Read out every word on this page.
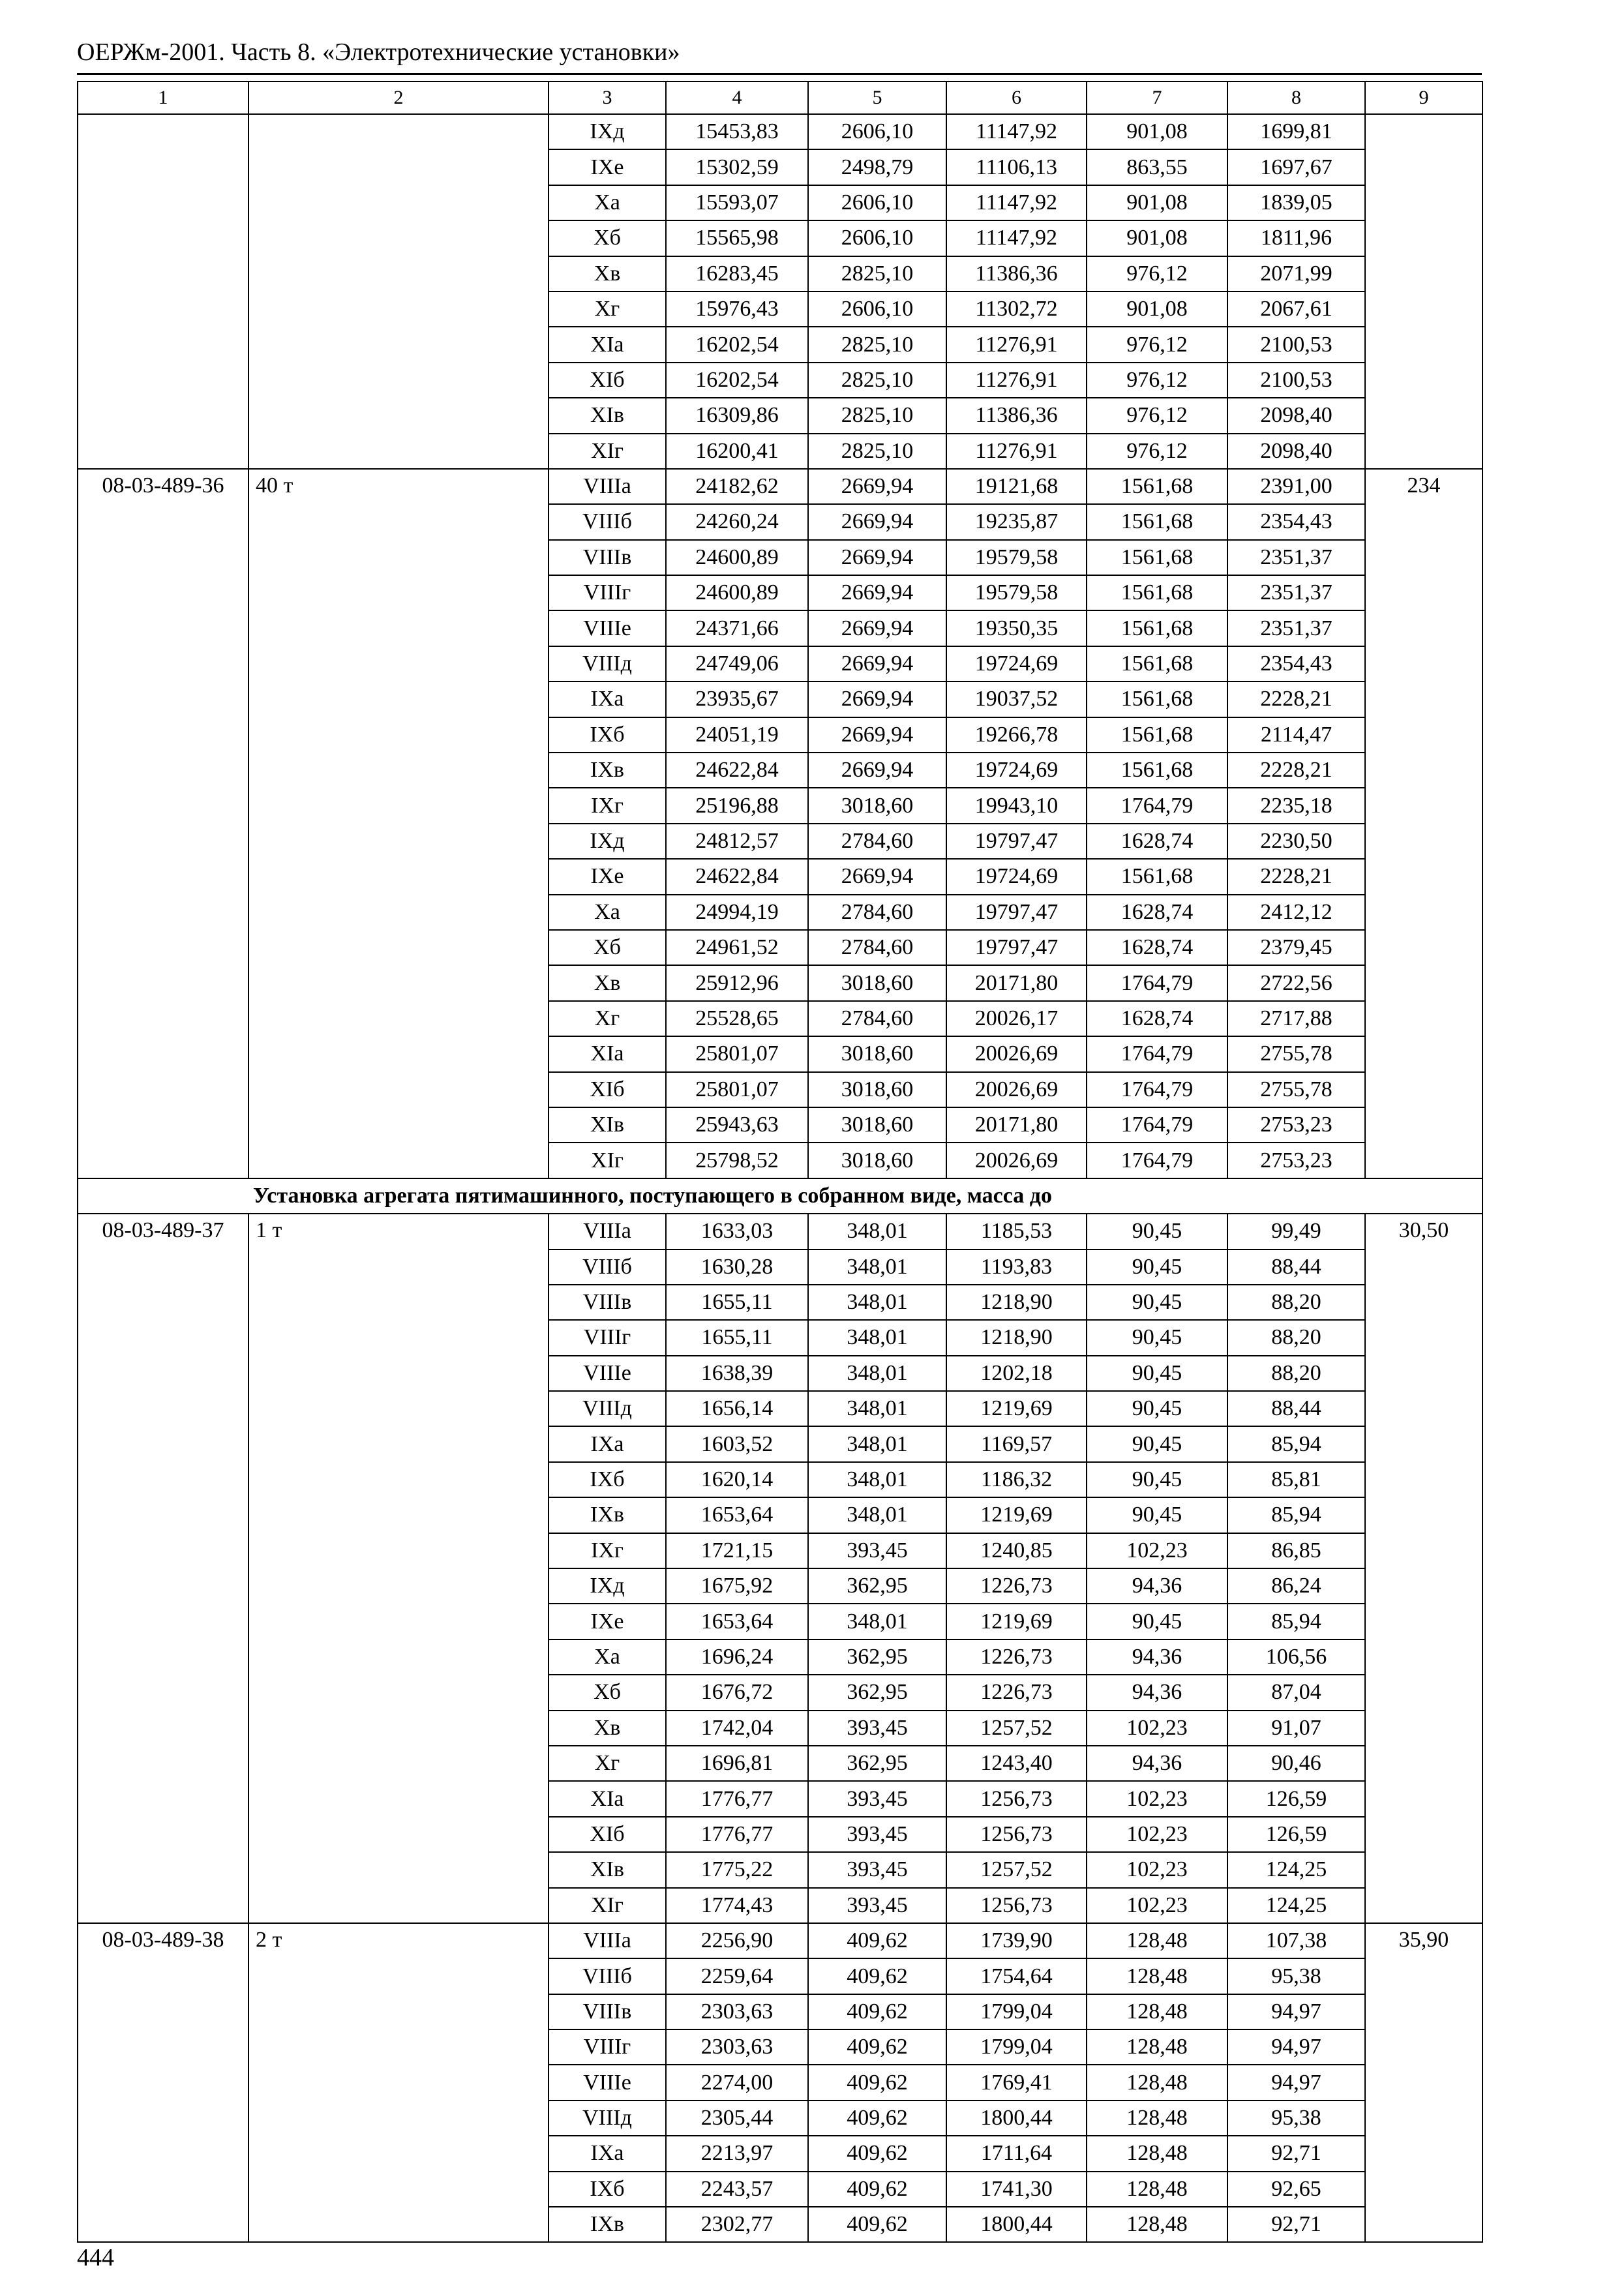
ОЕРЖм-2001. Часть 8. «Электротехнические установки»
1	2	3	4	5	6	7	8	9
		IXд	15453,83	2606,10	11147,92	901,08	1699,81	
		IXе	15302,59	2498,79	11106,13	863,55	1697,67	
		Xа	15593,07	2606,10	11147,92	901,08	1839,05	
		Xб	15565,98	2606,10	11147,92	901,08	1811,96	
		Xв	16283,45	2825,10	11386,36	976,12	2071,99	
		Xг	15976,43	2606,10	11302,72	901,08	2067,61	
		XIа	16202,54	2825,10	11276,91	976,12	2100,53	
		XIб	16202,54	2825,10	11276,91	976,12	2100,53	
		XIв	16309,86	2825,10	11386,36	976,12	2098,40	
		XIг	16200,41	2825,10	11276,91	976,12	2098,40	
08-03-489-36	40 т	VIIIа	24182,62	2669,94	19121,68	1561,68	2391,00	234
		VIIIб	24260,24	2669,94	19235,87	1561,68	2354,43	
		VIIIв	24600,89	2669,94	19579,58	1561,68	2351,37	
		VIIIг	24600,89	2669,94	19579,58	1561,68	2351,37	
		VIIIе	24371,66	2669,94	19350,35	1561,68	2351,37	
		VIIIд	24749,06	2669,94	19724,69	1561,68	2354,43	
		IXа	23935,67	2669,94	19037,52	1561,68	2228,21	
		IXб	24051,19	2669,94	19266,78	1561,68	2114,47	
		IXв	24622,84	2669,94	19724,69	1561,68	2228,21	
		IXг	25196,88	3018,60	19943,10	1764,79	2235,18	
		IXд	24812,57	2784,60	19797,47	1628,74	2230,50	
		IXе	24622,84	2669,94	19724,69	1561,68	2228,21	
		Xа	24994,19	2784,60	19797,47	1628,74	2412,12	
		Xб	24961,52	2784,60	19797,47	1628,74	2379,45	
		Xв	25912,96	3018,60	20171,80	1764,79	2722,56	
		Xг	25528,65	2784,60	20026,17	1628,74	2717,88	
		XIа	25801,07	3018,60	20026,69	1764,79	2755,78	
		XIб	25801,07	3018,60	20026,69	1764,79	2755,78	
		XIв	25943,63	3018,60	20171,80	1764,79	2753,23	
		XIг	25798,52	3018,60	20026,69	1764,79	2753,23	
Установка агрегата пятимашинного, поступающего в собранном виде, масса до								
08-03-489-37	1 т	VIIIа	1633,03	348,01	1185,53	90,45	99,49	30,50
		VIIIб	1630,28	348,01	1193,83	90,45	88,44	
		VIIIв	1655,11	348,01	1218,90	90,45	88,20	
		VIIIг	1655,11	348,01	1218,90	90,45	88,20	
		VIIIе	1638,39	348,01	1202,18	90,45	88,20	
		VIIIд	1656,14	348,01	1219,69	90,45	88,44	
		IXа	1603,52	348,01	1169,57	90,45	85,94	
		IXб	1620,14	348,01	1186,32	90,45	85,81	
		IXв	1653,64	348,01	1219,69	90,45	85,94	
		IXг	1721,15	393,45	1240,85	102,23	86,85	
		IXд	1675,92	362,95	1226,73	94,36	86,24	
		IXе	1653,64	348,01	1219,69	90,45	85,94	
		Xа	1696,24	362,95	1226,73	94,36	106,56	
		Xб	1676,72	362,95	1226,73	94,36	87,04	
		Xв	1742,04	393,45	1257,52	102,23	91,07	
		Xг	1696,81	362,95	1243,40	94,36	90,46	
		XIа	1776,77	393,45	1256,73	102,23	126,59	
		XIб	1776,77	393,45	1256,73	102,23	126,59	
		XIв	1775,22	393,45	1257,52	102,23	124,25	
		XIг	1774,43	393,45	1256,73	102,23	124,25	
08-03-489-38	2 т	VIIIа	2256,90	409,62	1739,90	128,48	107,38	35,90
		VIIIб	2259,64	409,62	1754,64	128,48	95,38	
		VIIIв	2303,63	409,62	1799,04	128,48	94,97	
		VIIIг	2303,63	409,62	1799,04	128,48	94,97	
		VIIIе	2274,00	409,62	1769,41	128,48	94,97	
		VIIIд	2305,44	409,62	1800,44	128,48	95,38	
		IXа	2213,97	409,62	1711,64	128,48	92,71	
		IXб	2243,57	409,62	1741,30	128,48	92,65	
		IXв	2302,77	409,62	1800,44	128,48	92,71	
444
